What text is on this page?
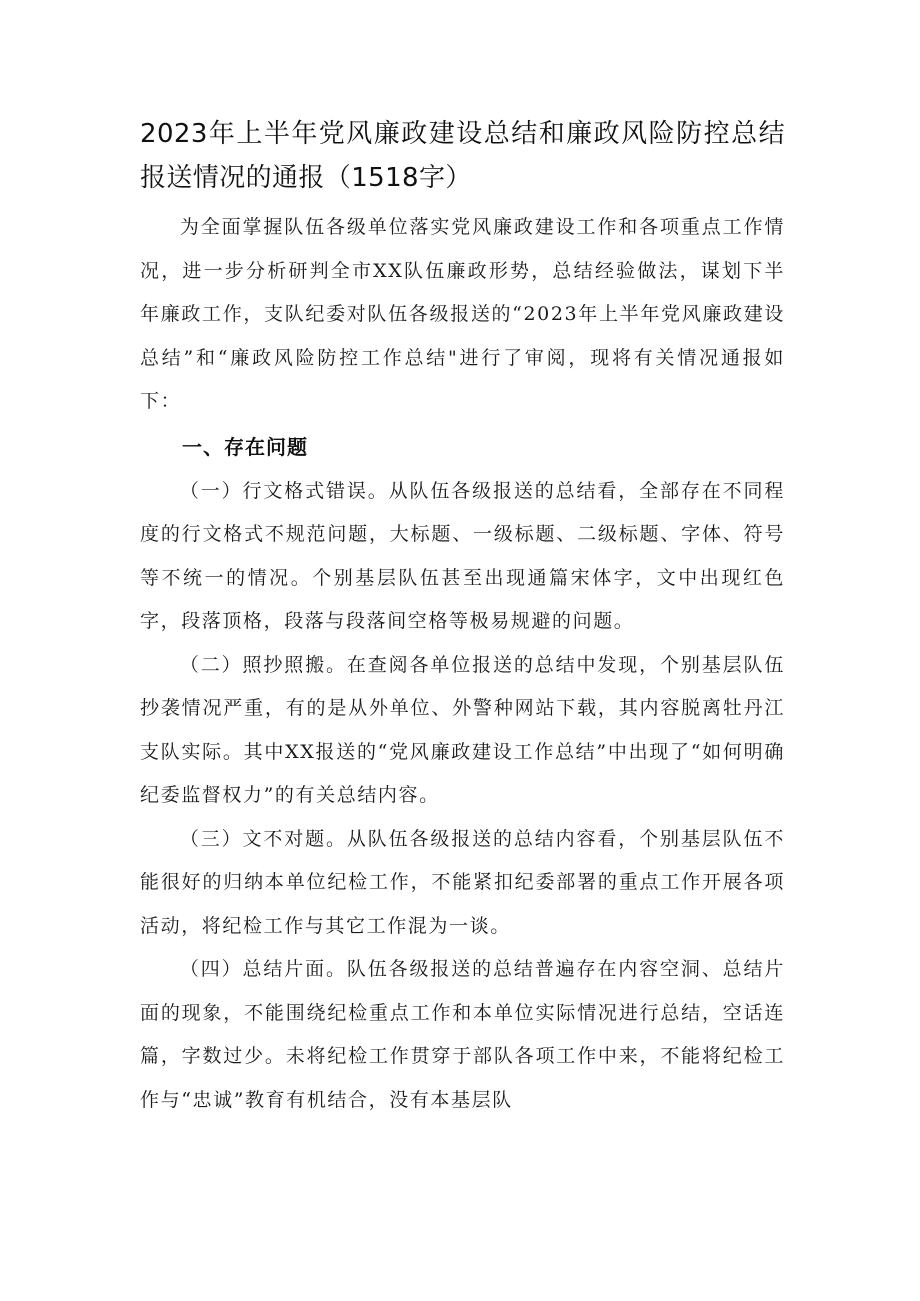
2023年上半年党风廉政建设总结和廉政风险防控总结报送情况的通报（1518字）

为全面掌握队伍各级单位落实党风廉政建设工作和各项重点工作情况，进一步分析研判全市XX队伍廉政形势，总结经验做法，谋划下半年廉政工作，支队纪委对队伍各级报送的“2023年上半年党风廉政建设总结”和“廉政风险防控工作总结"进行了审阅，现将有关情况通报如下：

一、存在问题

（一）行文格式错误。从队伍各级报送的总结看，全部存在不同程度的行文格式不规范问题，大标题、一级标题、二级标题、字体、符号等不统一的情况。个别基层队伍甚至出现通篇宋体字，文中出现红色字，段落顶格，段落与段落间空格等极易规避的问题。

（二）照抄照搬。在查阅各单位报送的总结中发现，个别基层队伍抄袭情况严重，有的是从外单位、外警种网站下载，其内容脱离牡丹江支队实际。其中XX报送的“党风廉政建设工作总结”中出现了“如何明确纪委监督权力”的有关总结内容。

（三）文不对题。从队伍各级报送的总结内容看，个别基层队伍不能很好的归纳本单位纪检工作，不能紧扣纪委部署的重点工作开展各项活动，将纪检工作与其它工作混为一谈。

（四）总结片面。队伍各级报送的总结普遍存在内容空洞、总结片面的现象，不能围绕纪检重点工作和本单位实际情况进行总结，空话连篇，字数过少。未将纪检工作贯穿于部队各项工作中来，不能将纪检工作与“忠诚”教育有机结合，没有本基层队
